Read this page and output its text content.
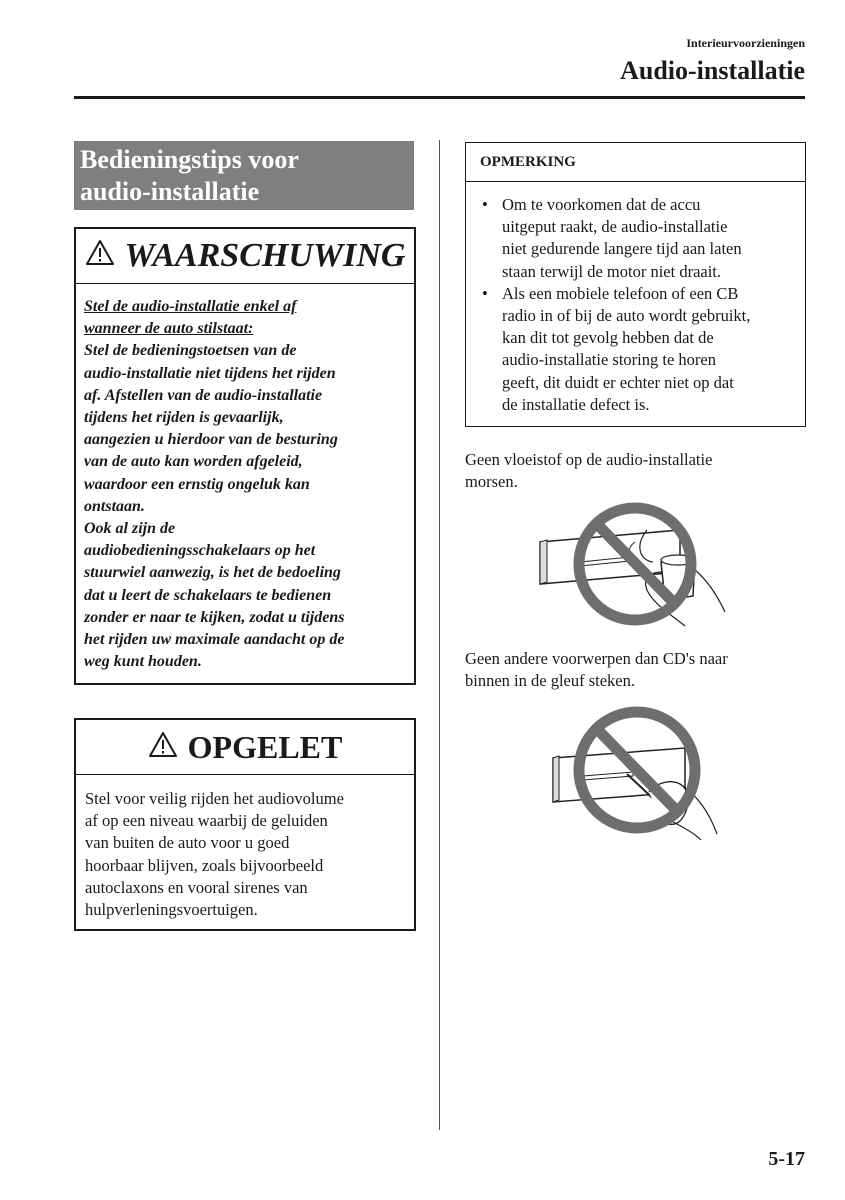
Interieurvoorzieningen
Audio-installatie
Bedieningstips voor
audio-installatie
WAARSCHUWING
Stel de audio-installatie enkel af
wanneer de auto stilstaat:
Stel de bedieningstoetsen van de
audio-installatie niet tijdens het rijden
af. Afstellen van de audio-installatie
tijdens het rijden is gevaarlijk,
aangezien u hierdoor van de besturing
van de auto kan worden afgeleid,
waardoor een ernstig ongeluk kan
ontstaan.
Ook al zijn de
audiobedieningsschakelaars op het
stuurwiel aanwezig, is het de bedoeling
dat u leert de schakelaars te bedienen
zonder er naar te kijken, zodat u tijdens
het rijden uw maximale aandacht op de
weg kunt houden.
OPGELET
Stel voor veilig rijden het audiovolume
af op een niveau waarbij de geluiden
van buiten de auto voor u goed
hoorbaar blijven, zoals bijvoorbeeld
autoclaxons en vooral sirenes van
hulpverleningsvoertuigen.
OPMERKING
• Om te voorkomen dat de accu
uitgeput raakt, de audio-installatie
niet gedurende langere tijd aan laten
staan terwijl de motor niet draait.
• Als een mobiele telefoon of een CB
radio in of bij de auto wordt gebruikt,
kan dit tot gevolg hebben dat de
audio-installatie storing te horen
geeft, dit duidt er echter niet op dat
de installatie defect is.
Geen vloeistof op de audio-installatie
morsen.
Geen andere voorwerpen dan CD's naar
binnen in de gleuf steken.
5-17
